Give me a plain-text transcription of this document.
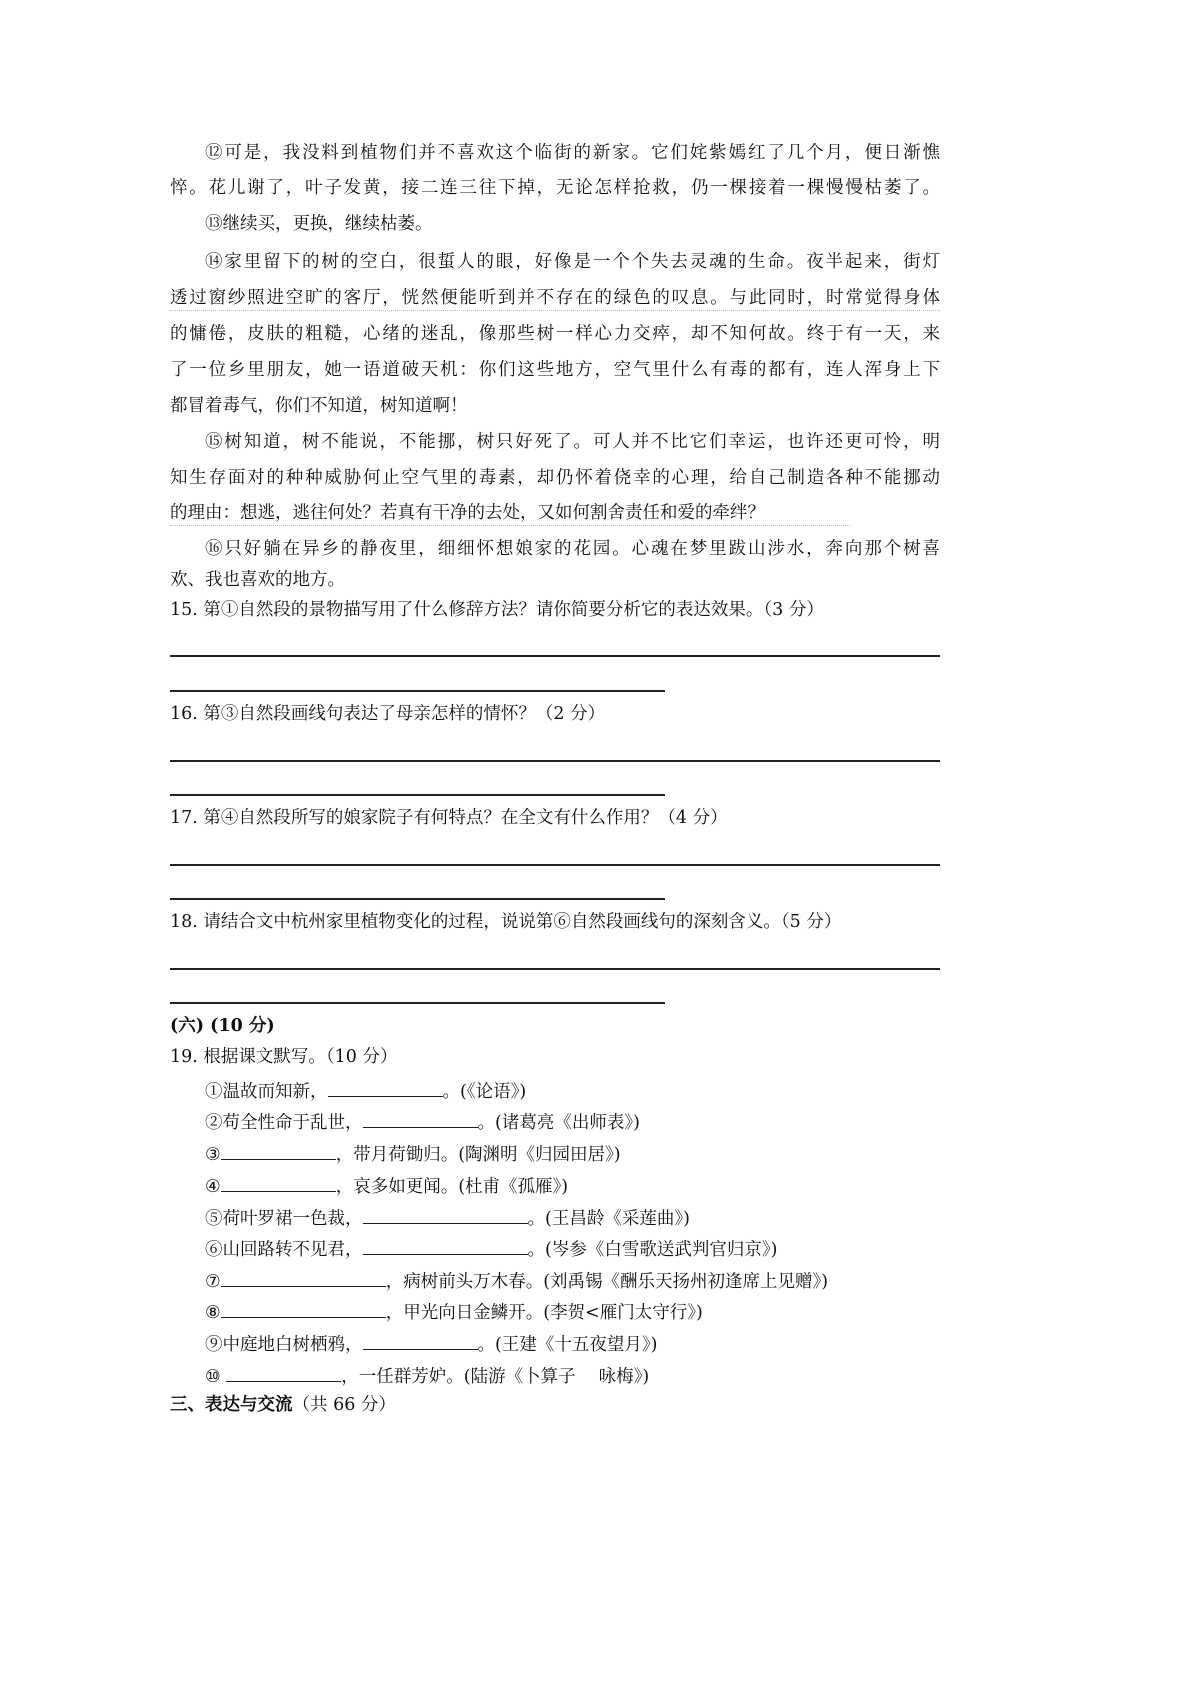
⑫可是，我没料到植物们并不喜欢这个临街的新家。它们姹紫嫣红了几个月，便日渐憔
悴。花儿谢了，叶子发黄，接二连三往下掉，无论怎样抢救，仍一棵接着一棵慢慢枯萎了。
⑬继续买，更换，继续枯萎。
⑭家里留下的树的空白，很蜇人的眼，好像是一个个失去灵魂的生命。夜半起来，街灯
透过窗纱照进空旷的客厅，恍然便能听到并不存在的绿色的叹息。与此同时，时常觉得身体
的慵倦，皮肤的粗糙，心绪的迷乱，像那些树一样心力交瘁，却不知何故。终于有一天，来
了一位乡里朋友，她一语道破天机：你们这些地方，空气里什么有毒的都有，连人浑身上下
都冒着毒气，你们不知道，树知道啊！
⑮树知道，树不能说，不能挪，树只好死了。可人并不比它们幸运，也许还更可怜，明
知生存面对的种种威胁何止空气里的毒素，却仍怀着侥幸的心理，给自己制造各种不能挪动
的理由：想逃，逃往何处？若真有干净的去处，又如何割舍责任和爱的牵绊？
⑯只好躺在异乡的静夜里，细细怀想娘家的花园。心魂在梦里跋山涉水，奔向那个树喜
欢、我也喜欢的地方。
15. 第①自然段的景物描写用了什么修辞方法？请你简要分析它的表达效果。（3 分）
16. 第③自然段画线句表达了母亲怎样的情怀？（2 分）
17. 第④自然段所写的娘家院子有何特点？在全文有什么作用？（4 分）
18. 请结合文中杭州家里植物变化的过程，说说第⑥自然段画线句的深刻含义。（5 分）
(六) (10 分)
19. 根据课文默写。（10 分）
①温故而知新，	。(《论语》)
②苟全性命于乱世，	。(诸葛亮《出师表》)
③	，带月荷锄归。(陶渊明《归园田居》)
④	，哀多如更闻。(杜甫《孤雁》)
⑤荷叶罗裙一色裁，	。(王昌龄《采莲曲》)
⑥山回路转不见君，	。(岑参《白雪歌送武判官归京》)
⑦	，病树前头万木春。(刘禹锡《酬乐天扬州初逢席上见赠》)
⑧	，甲光向日金鳞开。(李贺<雁门太守行》)
⑨中庭地白树栖鸦，	。(王建《十五夜望月》)
⑩	，一任群芳妒。(陆游《卜算子　 咏梅》)
三、表达与交流（共 66 分）
